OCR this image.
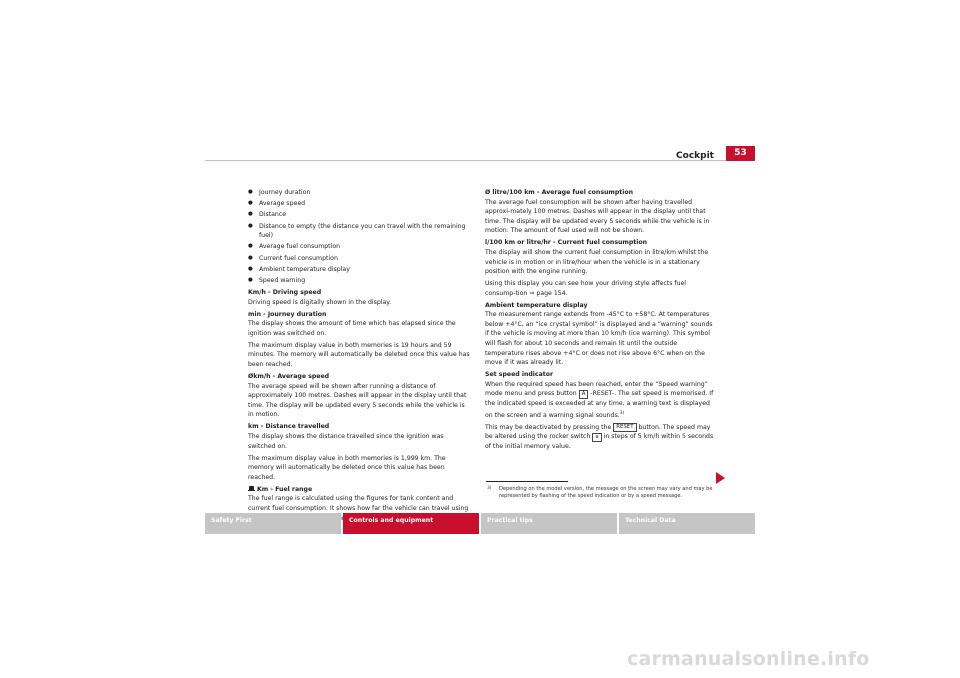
Cockpit	53
● Journey duration
● Average speed
● Distance
● Distance to empty (the distance you can travel with the remaining fuel)
● Average fuel consumption
● Current fuel consumption
● Ambient temperature display
● Speed warning
Km/h - Driving speed

Driving speed is digitally shown in the display.

min - Journey duration

The display shows the amount of time which has elapsed since the ignition was switched on.

The maximum display value in both memories is 19 hours and 59 minutes. The memory will automatically be deleted once this value has been reached.

Økm/h - Average speed

The average speed will be shown after running a distance of approximately 100 metres. Dashes will appear in the display until that time. The display will be updated every 5 seconds while the vehicle is in motion.

km - Distance travelled

The display shows the distance travelled since the ignition was switched on.

The maximum display value in both memories is 1,999 km. The memory will automatically be deleted once this value has been reached.

Km - Fuel range

The fuel range is calculated using the figures for tank content and current fuel consumption. It shows how far the vehicle can travel using

Ø litre/100 km - Average fuel consumption

The average fuel consumption will be shown after having travelled approxi-mately 100 metres. Dashes will appear in the display until that time. The display will be updated every 5 seconds while the vehicle is in motion. The amount of fuel used will not be shown.

l/100 km or litre/hr - Current fuel consumption

The display will show the current fuel consumption in litre/km whilst the vehicle is in motion or in litre/hour when the vehicle is in a stationary position with the engine running.

Using this display you can see how your driving style affects fuel consump-tion ⇒ page 154.

Ambient temperature display

The measurement range extends from -45°C to +58°C. At temperatures below +4°C, an “ice crystal symbol” is displayed and a “warning” sounds if the vehicle is moving at more than 10 km/h (ice warning). This symbol will flash for about 10 seconds and remain lit until the outside temperature rises above +4°C or does not rise above 6°C when on the move if it was already lit.

Set speed indicator

When the required speed has been reached, enter the “Speed warning” mode menu and press button A -RESET-. The set speed is memorised. If the indicated speed is exceeded at any time, a warning text is displayed on the screen and a warning signal sounds.$^{3)}$

This may be deactivated by pressing the RESET button. The speed may be altered using the rocker switch a in steps of 5 km/h within 5 seconds of the initial memory value.

3)	Depending on the model version, the message on the screen may vary and may be represented by flashing of the speed indication or by a speed message.
Safety First	Controls and equipment	Practical tips	Technical Data
carmanualsonline.info
